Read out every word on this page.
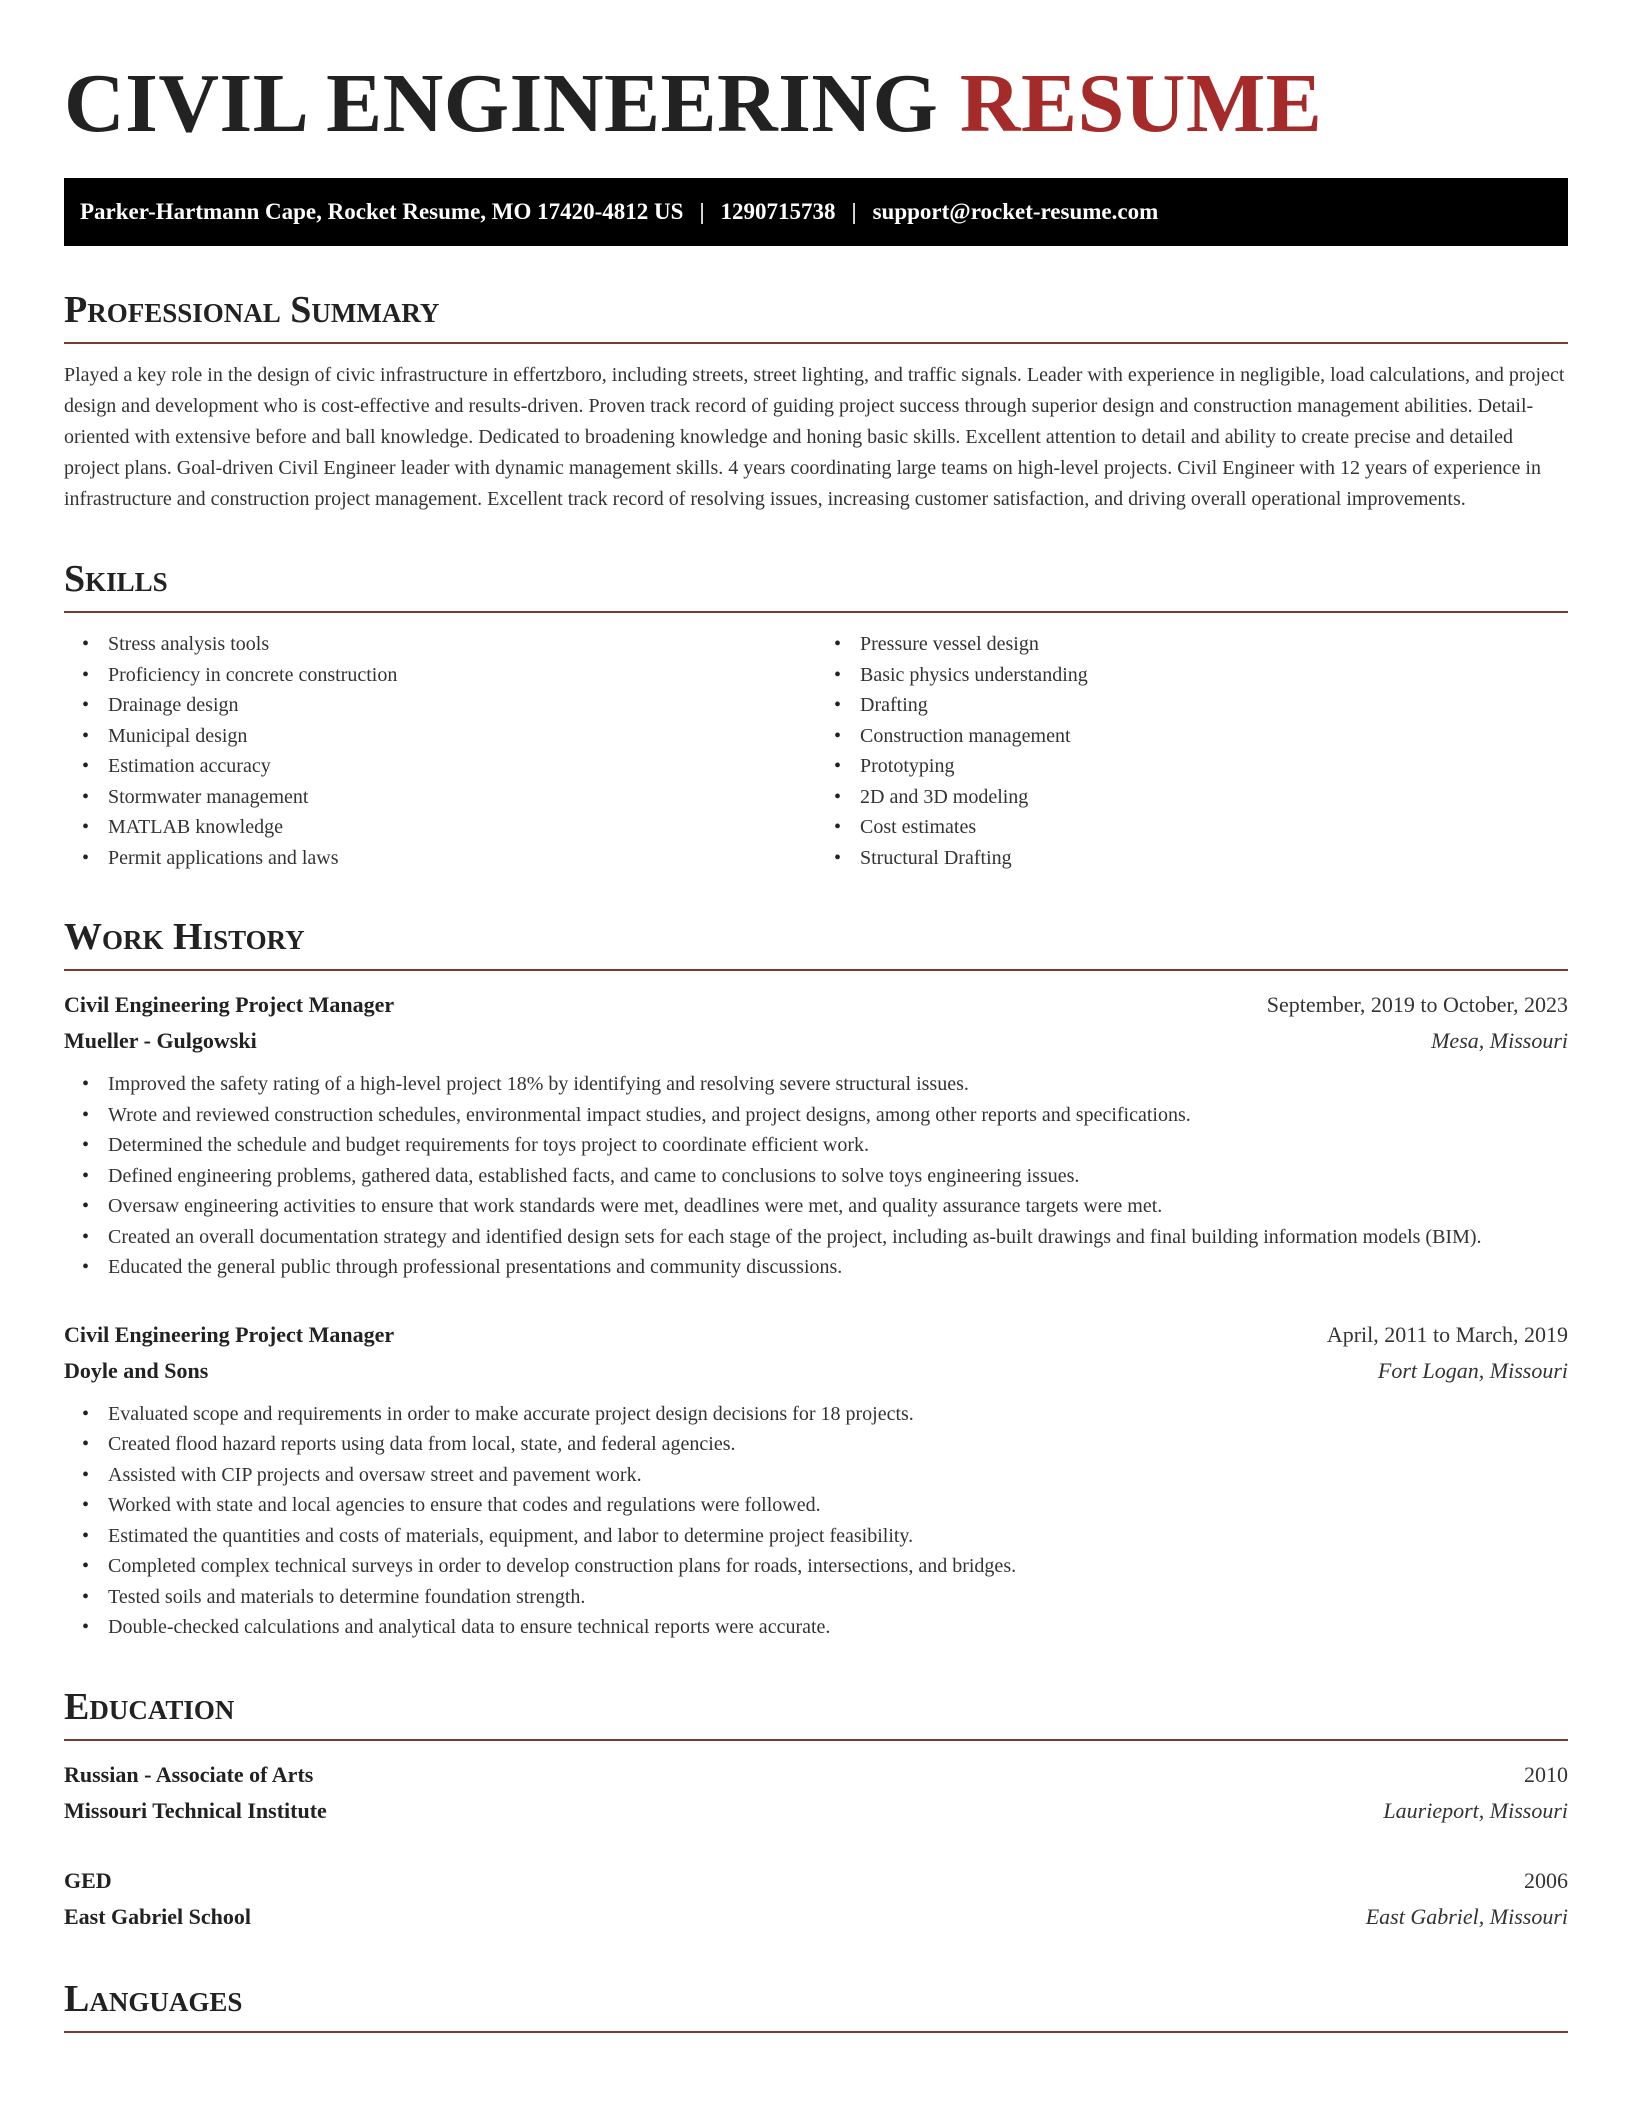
CIVIL ENGINEERING RESUME
Parker-Hartmann Cape, Rocket Resume, MO 17420-4812 US | 1290715738 | support@rocket-resume.com
Professional Summary

Played a key role in the design of civic infrastructure in effertzboro, including streets, street lighting, and traffic signals. Leader with experience in negligible, load calculations, and project design and development who is cost-effective and results-driven. Proven track record of guiding project success through superior design and construction management abilities. Detail-oriented with extensive before and ball knowledge. Dedicated to broadening knowledge and honing basic skills. Excellent attention to detail and ability to create precise and detailed project plans. Goal-driven Civil Engineer leader with dynamic management skills. 4 years coordinating large teams on high-level projects. Civil Engineer with 12 years of experience in infrastructure and construction project management. Excellent track record of resolving issues, increasing customer satisfaction, and driving overall operational improvements.

Skills
• Stress analysis tools
• Proficiency in concrete construction
• Drainage design
• Municipal design
• Estimation accuracy
• Stormwater management
• MATLAB knowledge
• Permit applications and laws
• Pressure vessel design
• Basic physics understanding
• Drafting
• Construction management
• Prototyping
• 2D and 3D modeling
• Cost estimates
• Structural Drafting
Work History
Civil Engineering Project Manager	September, 2019 to October, 2023
Mueller - Gulgowski	Mesa, Missouri
• Improved the safety rating of a high-level project 18% by identifying and resolving severe structural issues.
• Wrote and reviewed construction schedules, environmental impact studies, and project designs, among other reports and specifications.
• Determined the schedule and budget requirements for toys project to coordinate efficient work.
• Defined engineering problems, gathered data, established facts, and came to conclusions to solve toys engineering issues.
• Oversaw engineering activities to ensure that work standards were met, deadlines were met, and quality assurance targets were met.
• Created an overall documentation strategy and identified design sets for each stage of the project, including as-built drawings and final building information models (BIM).
• Educated the general public through professional presentations and community discussions.
Civil Engineering Project Manager	April, 2011 to March, 2019
Doyle and Sons	Fort Logan, Missouri
• Evaluated scope and requirements in order to make accurate project design decisions for 18 projects.
• Created flood hazard reports using data from local, state, and federal agencies.
• Assisted with CIP projects and oversaw street and pavement work.
• Worked with state and local agencies to ensure that codes and regulations were followed.
• Estimated the quantities and costs of materials, equipment, and labor to determine project feasibility.
• Completed complex technical surveys in order to develop construction plans for roads, intersections, and bridges.
• Tested soils and materials to determine foundation strength.
• Double-checked calculations and analytical data to ensure technical reports were accurate.
Education
Russian - Associate of Arts	2010
Missouri Technical Institute	Laurieport, Missouri
GED	2006
East Gabriel School	East Gabriel, Missouri
Languages
